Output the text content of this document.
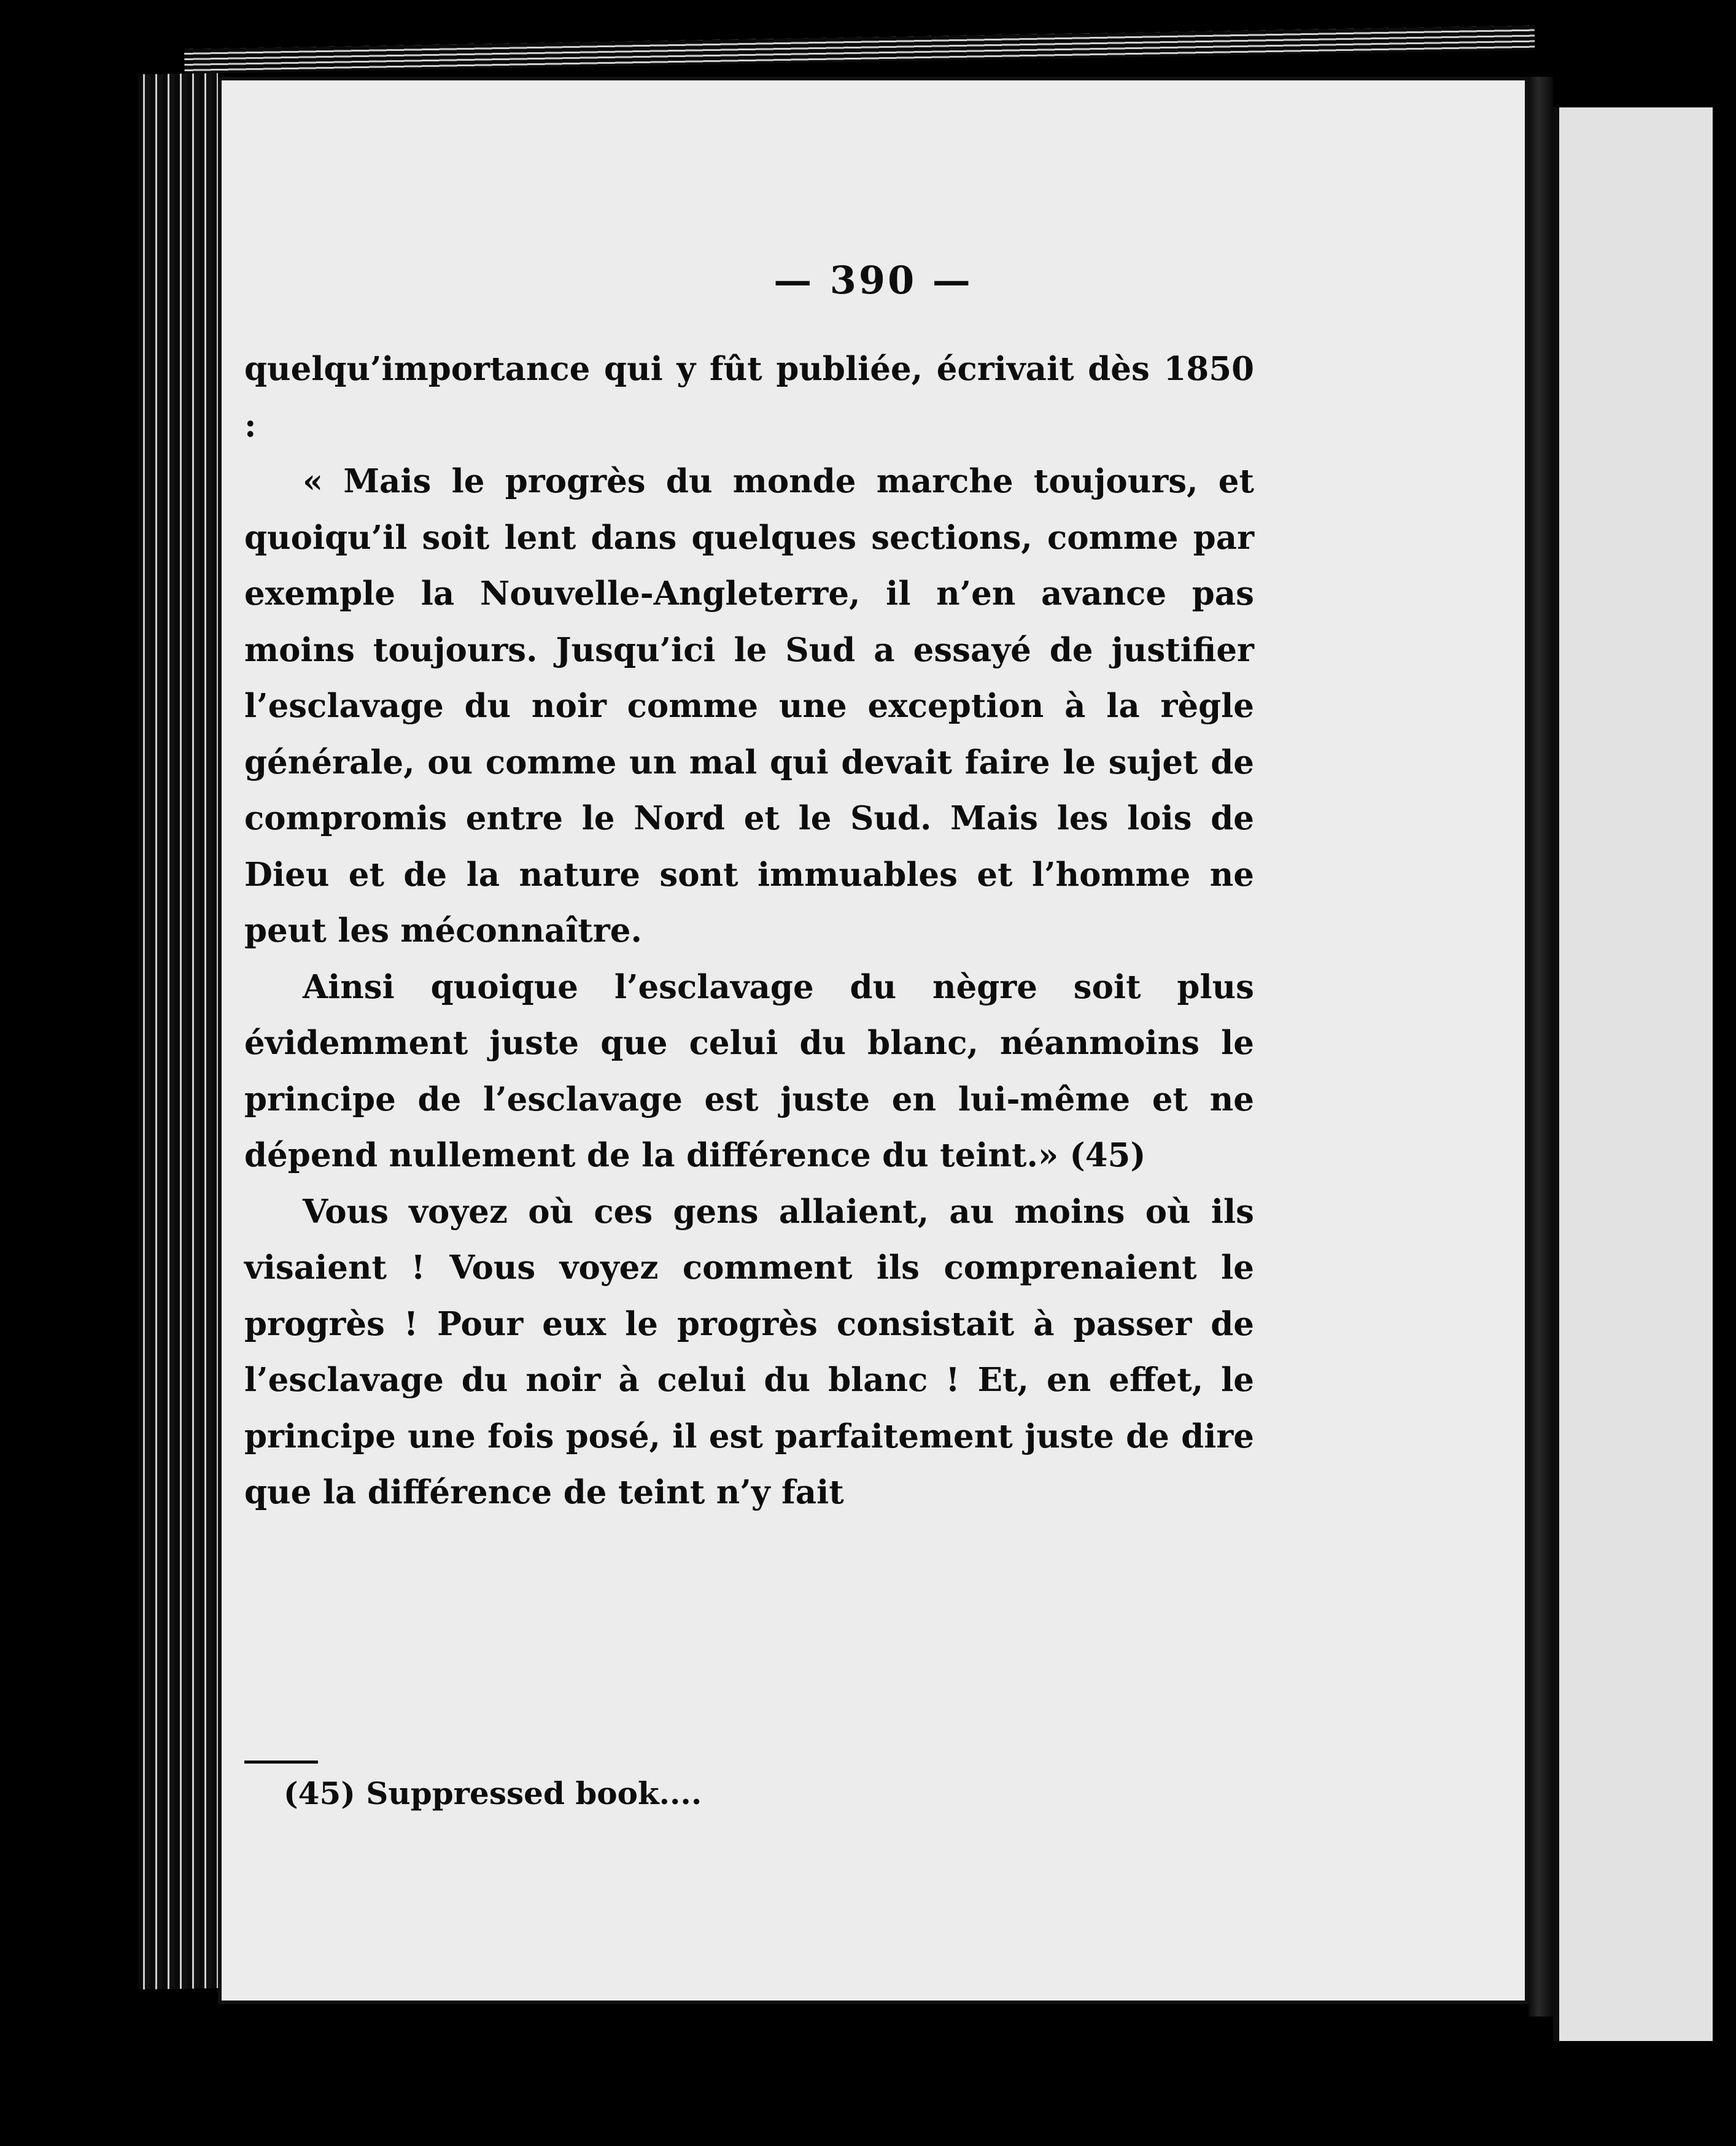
— 390 —

quelqu’importance qui y fût publiée, écrivait dès 1850 :

« Mais le progrès du monde marche toujours, et quoiqu’il soit lent dans quelques sections, comme par exemple la Nouvelle-Angleterre, il n’en avance pas moins toujours. Jusqu’ici le Sud a essayé de justifier l’esclavage du noir comme une exception à la règle générale, ou comme un mal qui devait faire le sujet de compromis entre le Nord et le Sud. Mais les lois de Dieu et de la nature sont immuables et l’homme ne peut les méconnaître.

Ainsi quoique l’esclavage du nègre soit plus évidemment juste que celui du blanc, néanmoins le principe de l’esclavage est juste en lui-même et ne dépend nullement de la différence du teint.» (45)

Vous voyez où ces gens allaient, au moins où ils visaient ! Vous voyez comment ils comprenaient le progrès ! Pour eux le progrès consistait à passer de l’esclavage du noir à celui du blanc ! Et, en effet, le principe une fois posé, il est parfaitement juste de dire que la différence de teint n’y fait

(45) Suppressed book....
